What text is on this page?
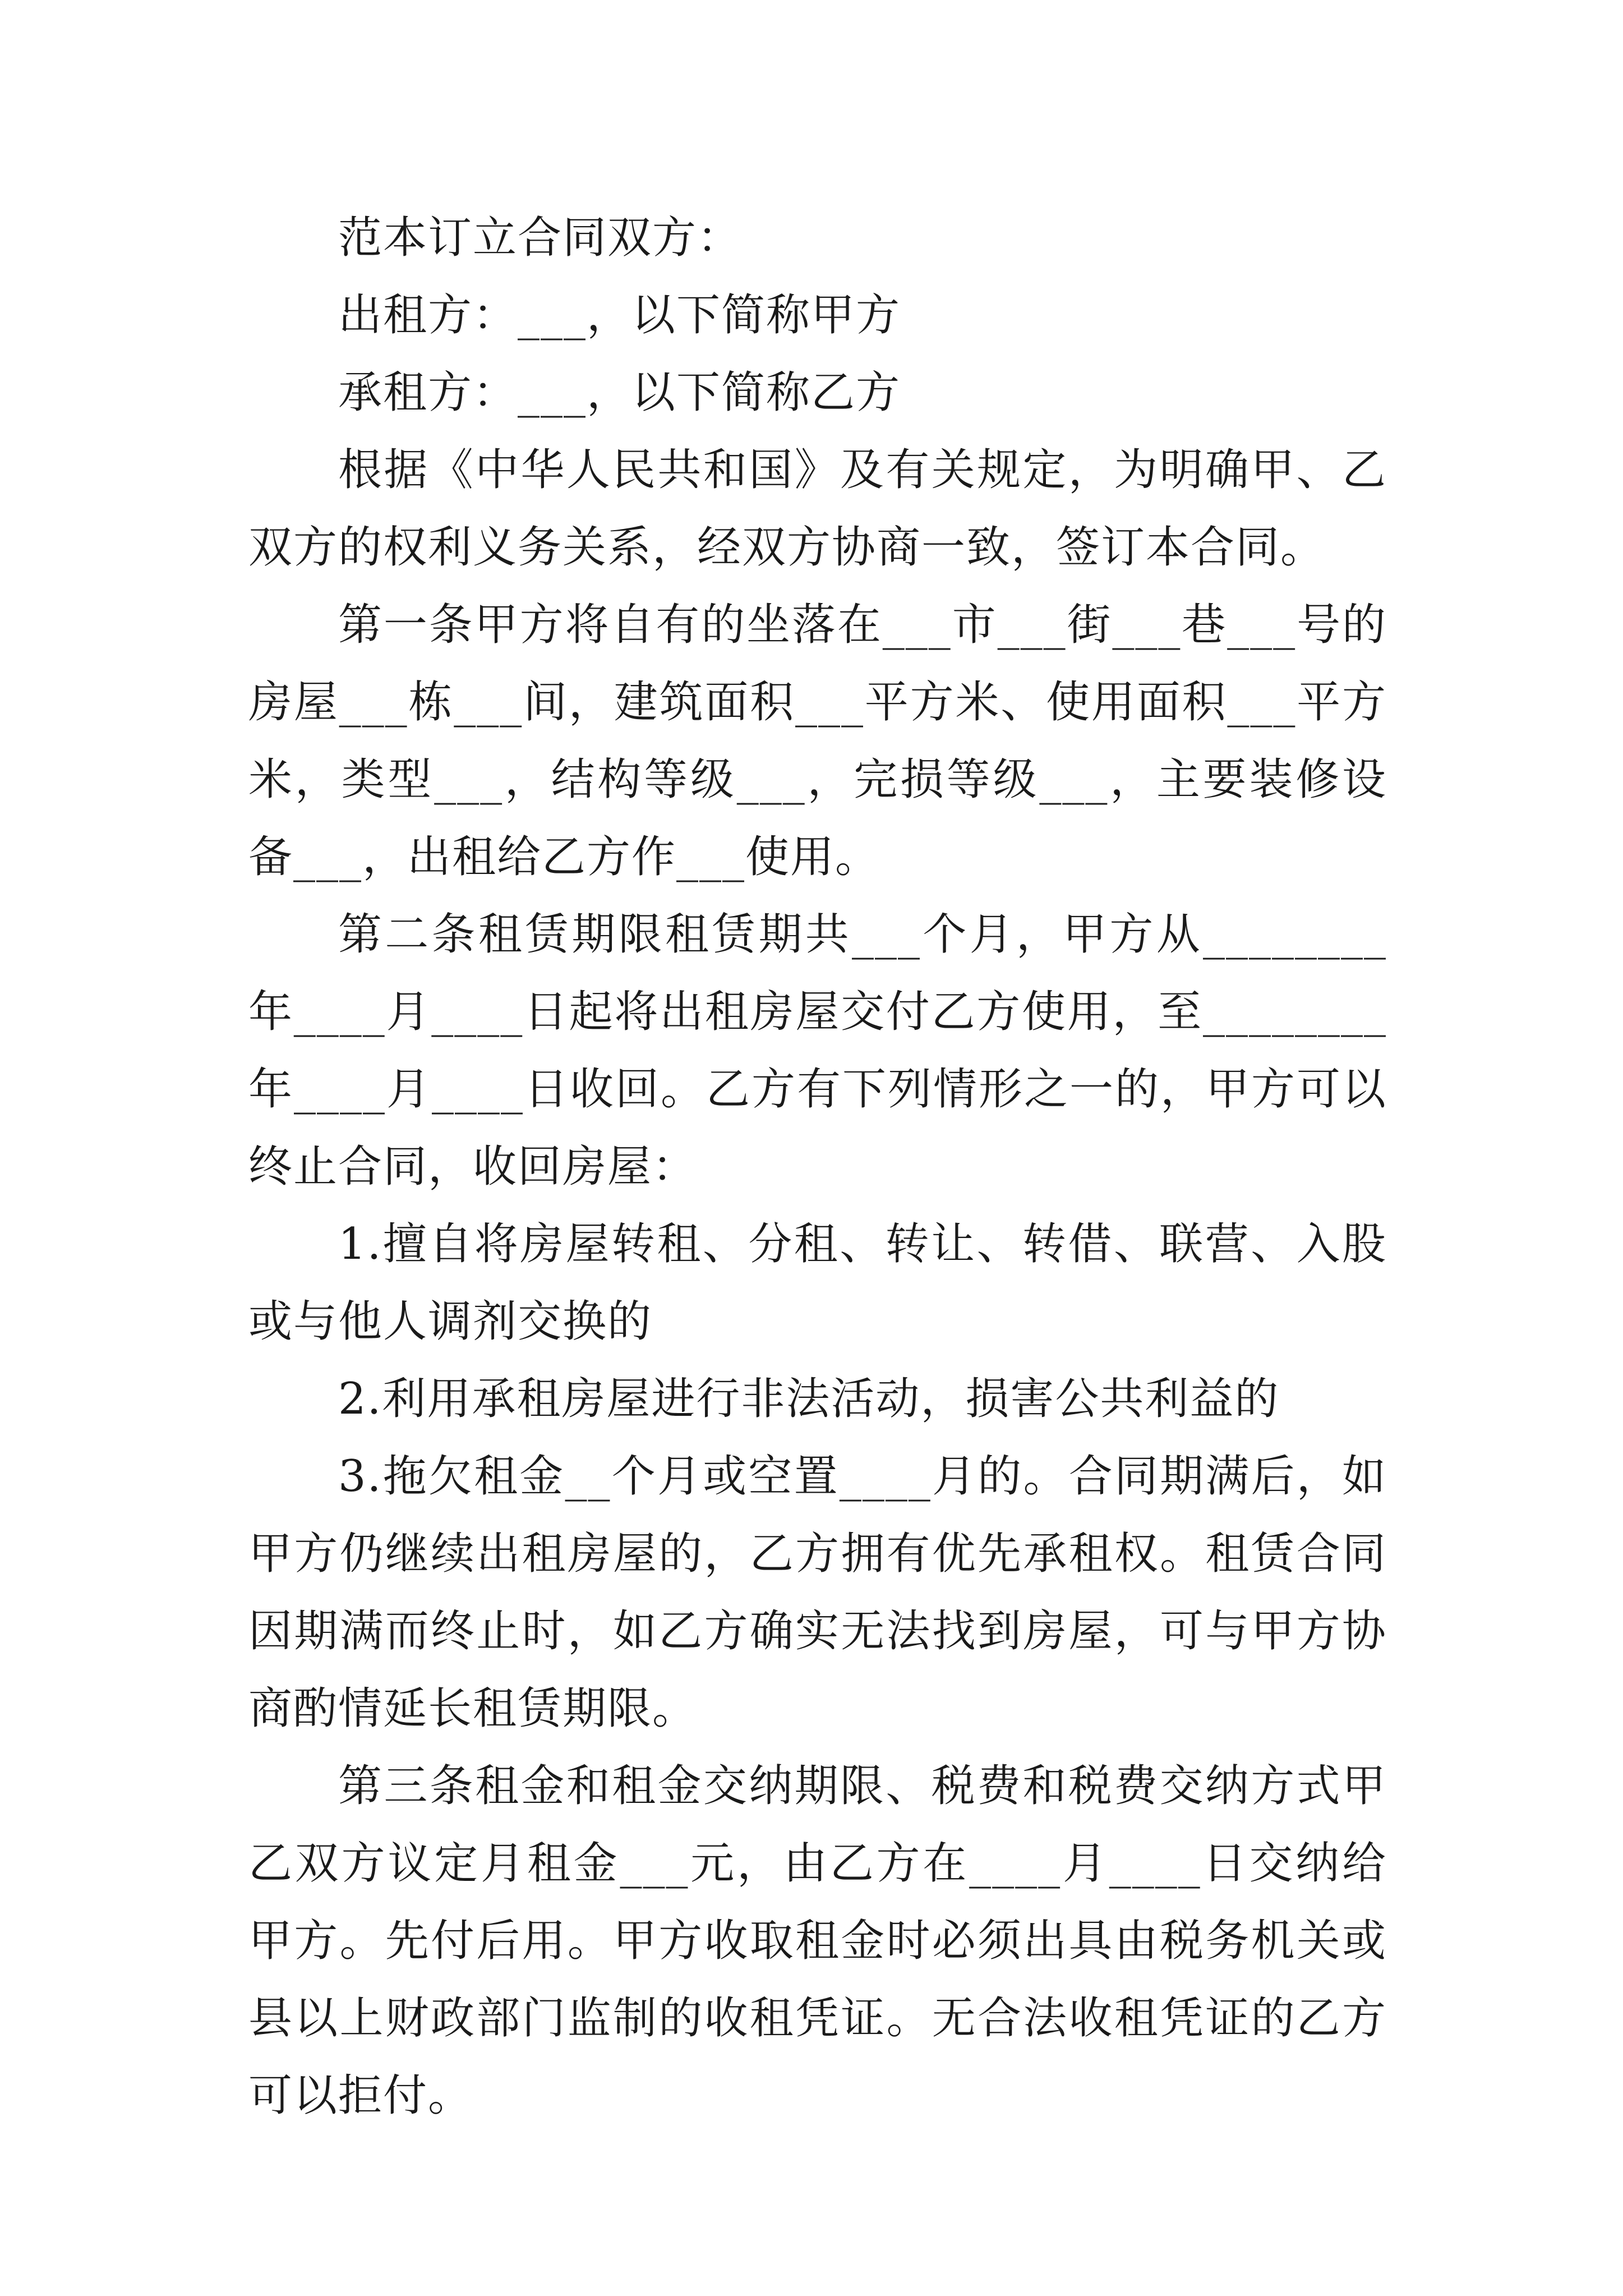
范本订立合同双方：

出租方：___，以下简称甲方

承租方：___，以下简称乙方

根据《中华人民共和国》及有关规定，为明确甲、乙双方的权利义务关系，经双方协商一致，签订本合同。

第一条甲方将自有的坐落在___市___街___巷___号的房屋___栋___间，建筑面积___平方米、使用面积___平方米，类型___，结构等级___，完损等级___，主要装修设备___，出租给乙方作___使用。

第二条租赁期限租赁期共___个月，甲方从________年____月____日起将出租房屋交付乙方使用，至________年____月____日收回。乙方有下列情形之一的，甲方可以终止合同，收回房屋：

1.擅自将房屋转租、分租、转让、转借、联营、入股或与他人调剂交换的

2.利用承租房屋进行非法活动，损害公共利益的

3.拖欠租金__个月或空置____月的。合同期满后，如甲方仍继续出租房屋的，乙方拥有优先承租权。租赁合同因期满而终止时，如乙方确实无法找到房屋，可与甲方协商酌情延长租赁期限。

第三条租金和租金交纳期限、税费和税费交纳方式甲乙双方议定月租金___元，由乙方在____月____日交纳给甲方。先付后用。甲方收取租金时必须出具由税务机关或县以上财政部门监制的收租凭证。无合法收租凭证的乙方可以拒付。
